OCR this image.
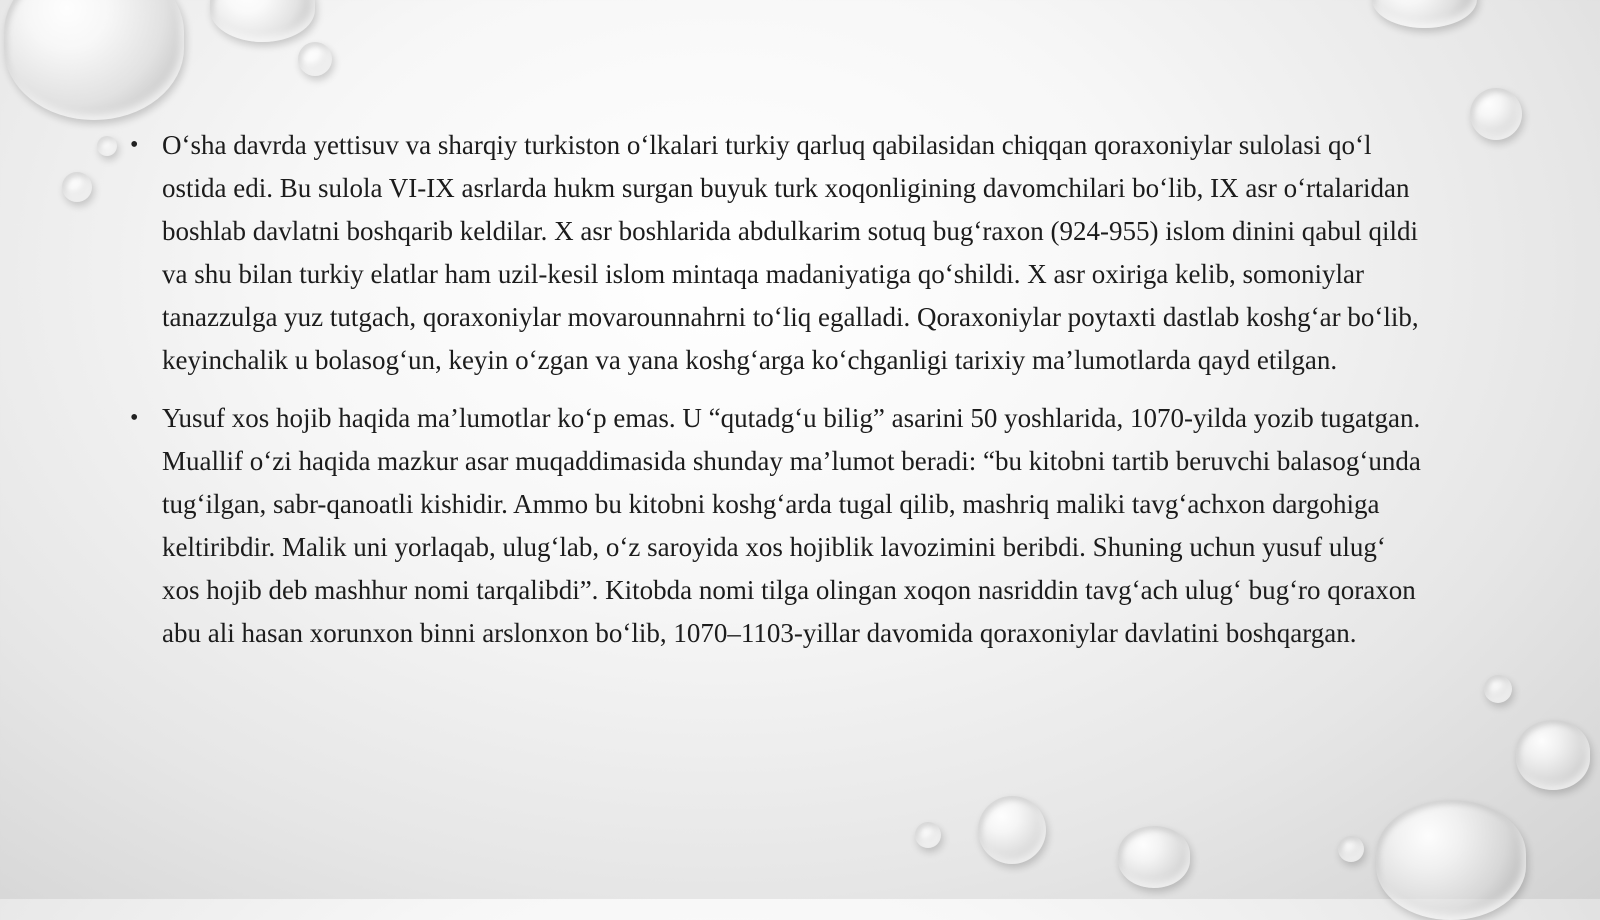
• O‘sha davrda yettisuv va sharqiy turkiston o‘lkalari turkiy qarluq qabilasidan chiqqan qoraxoniylar sulolasi qo‘l ostida edi. Bu sulola VI-IX asrlarda hukm surgan buyuk turk xoqonligining davomchilari bo‘lib, IX asr o‘rtalaridan boshlab davlatni boshqarib keldilar. X asr boshlarida abdulkarim sotuq bug‘raxon (924-955) islom dinini qabul qildi va shu bilan turkiy elatlar ham uzil-kesil islom mintaqa madaniyatiga qo‘shildi. X asr oxiriga kelib, somoniylar tanazzulga yuz tutgach, qoraxoniylar movarounnahrni to‘liq egalladi. Qoraxoniylar poytaxti dastlab koshg‘ar bo‘lib, keyinchalik u bolasog‘un, keyin o‘zgan va yana koshg‘arga ko‘chganligi tarixiy ma’lumotlarda qayd etilgan.
• Yusuf xos hojib haqida ma’lumotlar ko‘p emas. U “qutadg‘u bilig” asarini 50 yoshlarida, 1070-yilda yozib tugatgan. Muallif o‘zi haqida mazkur asar muqaddimasida shunday ma’lumot beradi: “bu kitobni tartib beruvchi balasog‘unda tug‘ilgan, sabr-qanoatli kishidir. Ammo bu kitobni koshg‘arda tugal qilib, mashriq maliki tavg‘achxon dargohiga keltiribdir. Malik uni yorlaqab, ulug‘lab, o‘z saroyida xos hojiblik lavozimini beribdi. Shuning uchun yusuf ulug‘ xos hojib deb mashhur nomi tarqalibdi”. Kitobda nomi tilga olingan xoqon nasriddin tavg‘ach ulug‘ bug‘ro qoraxon abu ali hasan xorunxon binni arslonxon bo‘lib, 1070–1103-yillar davomida qoraxoniylar davlatini boshqargan.
